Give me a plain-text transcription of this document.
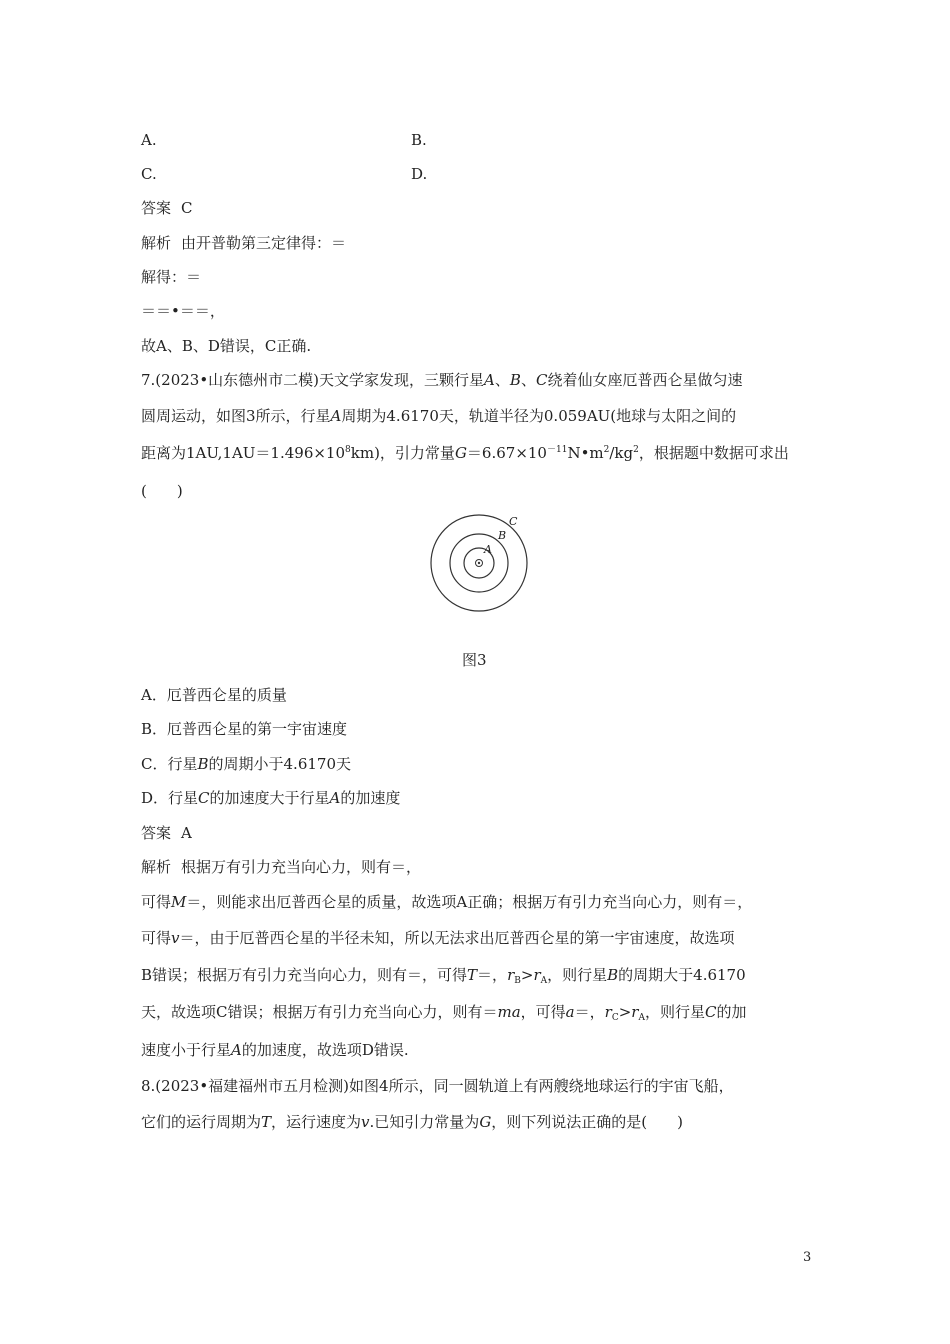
A.	B.
C.	D.
答案 C
解析 由开普勒第三定律得：＝
解得：＝
＝＝•＝＝，
故A、B、D错误，C正确.
7.(2023•山东德州市二模)天文学家发现，三颗行星A、B、C绕着仙女座厄普西仑星做匀速
圆周运动，如图3所示，行星A周期为4.6170天，轨道半径为0.059AU(地球与太阳之间的
距离为$1AU,1AU=1.496\times 10^8km$)，引力常量$G=6.67\times 10^{-11}N•m^2/kg^2$，根据题中数据可求出
(　　)
A
B
C
图3
A．厄普西仑星的质量
B．厄普西仑星的第一宇宙速度
C．行星B的周期小于4.6170天
D．行星C的加速度大于行星A的加速度
答案 A
解析 根据万有引力充当向心力，则有＝，
可得M＝，则能求出厄普西仑星的质量，故选项A正确；根据万有引力充当向心力，则有＝，
可得v＝，由于厄普西仑星的半径未知，所以无法求出厄普西仑星的第一宇宙速度，故选项
B错误；根据万有引力充当向心力，则有＝，可得T＝，$r_B>r_A$，则行星B的周期大于4.6170
天，故选项C错误；根据万有引力充当向心力，则有＝ma，可得a＝，$r_C>r_A$，则行星C的加
速度小于行星A的加速度，故选项D错误.
8.(2023•福建福州市五月检测)如图4所示，同一圆轨道上有两艘绕地球运行的宇宙飞船，
它们的运行周期为T，运行速度为v.已知引力常量为G，则下列说法正确的是(　　)
3
